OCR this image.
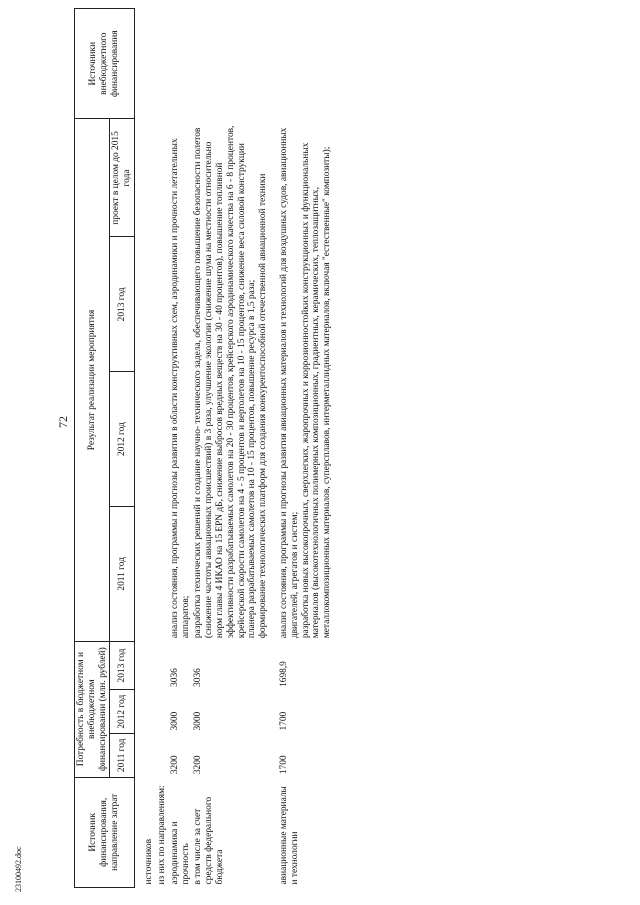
72
23100492.doc
Источник финансирования, направление затрат	Потребность в бюджетном и внебюджетном финансировании (млн. рублей)			Результат реализации мероприятия				Источники внебюджетного финансирования
	2011 год	2012 год	2013 год	2011 год	2012 год	2013 год	проект в целом до 2015 года	

источников								
из них по направлениям:								
аэродинамика и прочность	3200	3000	3036	анализ состояния, программы и прогнозы развития в области конструктивных схем, аэродинамики и прочности летательных аппаратов;				

в том числе за счет средств федерального бюджета	3200	3000	3036	разработка технических решений и создание научно- технического задела, обеспечивающего повышение безопасности полетов (снижение частоты авиационных происшествий) в 3 раза, улучшение экологии (снижение шума на местности относительно норм главы 4 ИКАО на 15 EPN дБ, снижение выбросов вредных веществ на 30 - 40 процентов), повышение топливной эффективности разрабатываемых самолетов на 20 - 30 процентов, крейсерского аэродинамического качества на 6 - 8 процентов, крейсерской скорости самолетов на 4 - 5 процентов и вертолетов на 10 - 15 процентов, снижение веса силовой конструкции планера разрабатываемых самолетов на 10 - 15 процентов, повышение ресурса в 1,5 раза; формирование технологических платформ для создания конкурентоспособной отечественной авиационной техники				

авиационные материалы и технологии	1700	1700	1698,9	анализ состояния, программы и прогнозы развития авиационных материалов и технологий для воздушных судов, авиационных двигателей, агрегатов и систем; разработка новых высокопрочных, сверхлегких, жаропрочных и коррозионностойких конструкционных и функциональных материалов (высокотехнологичных полимерных композиционных, градиентных, керамических, теплозащитных, металлокомпозиционных материалов, суперсплавов, интерметаллидных материалов, включая "естественные" композиты);				
